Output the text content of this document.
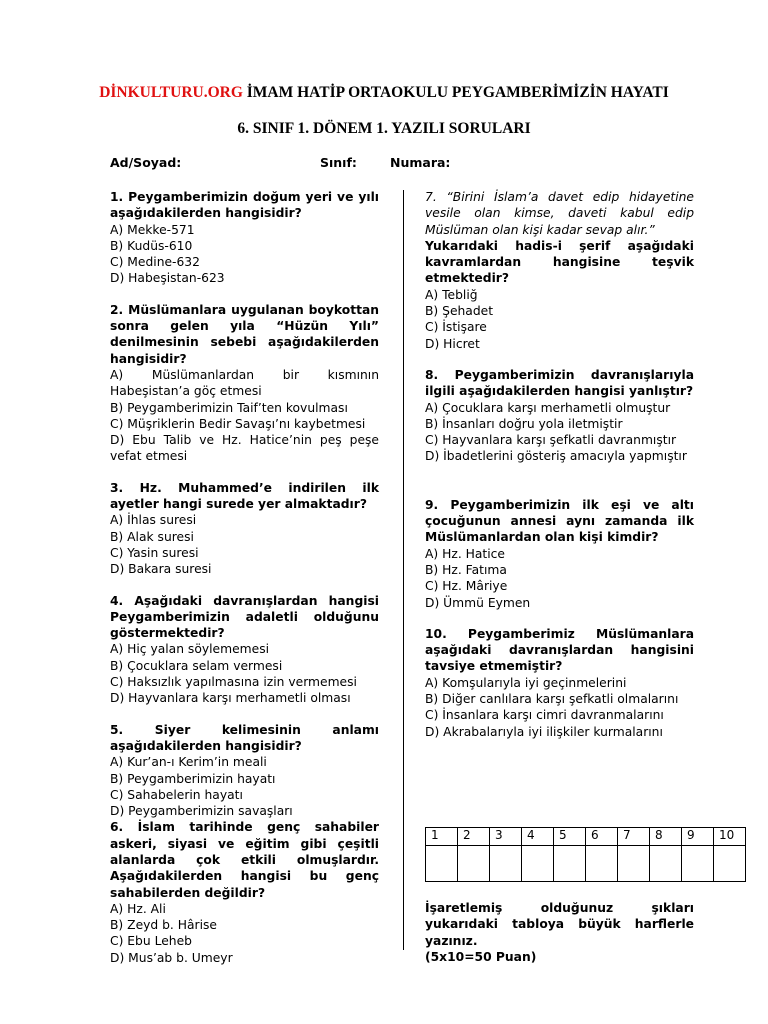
DİNKULTURU.ORG İMAM HATİP ORTAOKULU PEYGAMBERİMİZİN HAYATI
6. SINIF 1. DÖNEM 1. YAZILI SORULARI
Ad/Soyad:	Sınıf:	Numara:
1. Peygamberimizin doğum yeri ve yılı aşağıdakilerden hangisidir?
A) Mekke-571
B) Kudüs-610
C) Medine-632
D) Habeşistan-623
2. Müslümanlara uygulanan boykottan sonra gelen yıla “Hüzün Yılı” denilmesinin sebebi aşağıdakilerden hangisidir?
A) Müslümanlardan bir kısmının Habeşistan’a göç etmesi
B) Peygamberimizin Taif’ten kovulması
C) Müşriklerin Bedir Savaşı’nı kaybetmesi
D) Ebu Talib ve Hz. Hatice’nin peş peşe vefat etmesi
3. Hz. Muhammed’e indirilen ilk ayetler hangi surede yer almaktadır?
A) İhlas suresi
B) Alak suresi
C) Yasin suresi
D) Bakara suresi
4. Aşağıdaki davranışlardan hangisi Peygamberimizin adaletli olduğunu göstermektedir?
A) Hiç yalan söylememesi
B) Çocuklara selam vermesi
C) Haksızlık yapılmasına izin vermemesi
D) Hayvanlara karşı merhametli olması
5. Siyer kelimesinin anlamı aşağıdakilerden hangisidir?
A) Kur’an-ı Kerim’in meali
B) Peygamberimizin hayatı
C) Sahabelerin hayatı
D) Peygamberimizin savaşları
6. İslam tarihinde genç sahabiler askeri, siyasi ve eğitim gibi çeşitli alanlarda çok etkili olmuşlardır. Aşağıdakilerden hangisi bu genç sahabilerden değildir?
A) Hz. Ali
B) Zeyd b. Hârise
C) Ebu Leheb
D) Mus’ab b. Umeyr
7. “Birini İslam’a davet edip hidayetine vesile olan kimse, daveti kabul edip Müslüman olan kişi kadar sevap alır.”
Yukarıdaki hadis-i şerif aşağıdaki kavramlardan hangisine teşvik etmektedir?
A) Tebliğ
B) Şehadet
C) İstişare
D) Hicret
8. Peygamberimizin davranışlarıyla ilgili aşağıdakilerden hangisi yanlıştır?
A) Çocuklara karşı merhametli olmuştur
B) İnsanları doğru yola iletmiştir
C) Hayvanlara karşı şefkatli davranmıştır
D) İbadetlerini gösteriş amacıyla yapmıştır
9. Peygamberimizin ilk eşi ve altı çocuğunun annesi aynı zamanda ilk Müslümanlardan olan kişi kimdir?
A) Hz. Hatice
B) Hz. Fatıma
C) Hz. Mâriye
D) Ümmü Eymen
10. Peygamberimiz Müslümanlara aşağıdaki davranışlardan hangisini tavsiye etmemiştir?
A) Komşularıyla iyi geçinmelerini
B) Diğer canlılara karşı şefkatli olmalarını
C) İnsanlara karşı cimri davranmalarını
D) Akrabalarıyla iyi ilişkiler kurmalarını
1	2	3	4	5	6	7	8	9	10

İşaretlemiş olduğunuz şıkları yukarıdaki tabloya büyük harflerle yazınız.
(5x10=50 Puan)
